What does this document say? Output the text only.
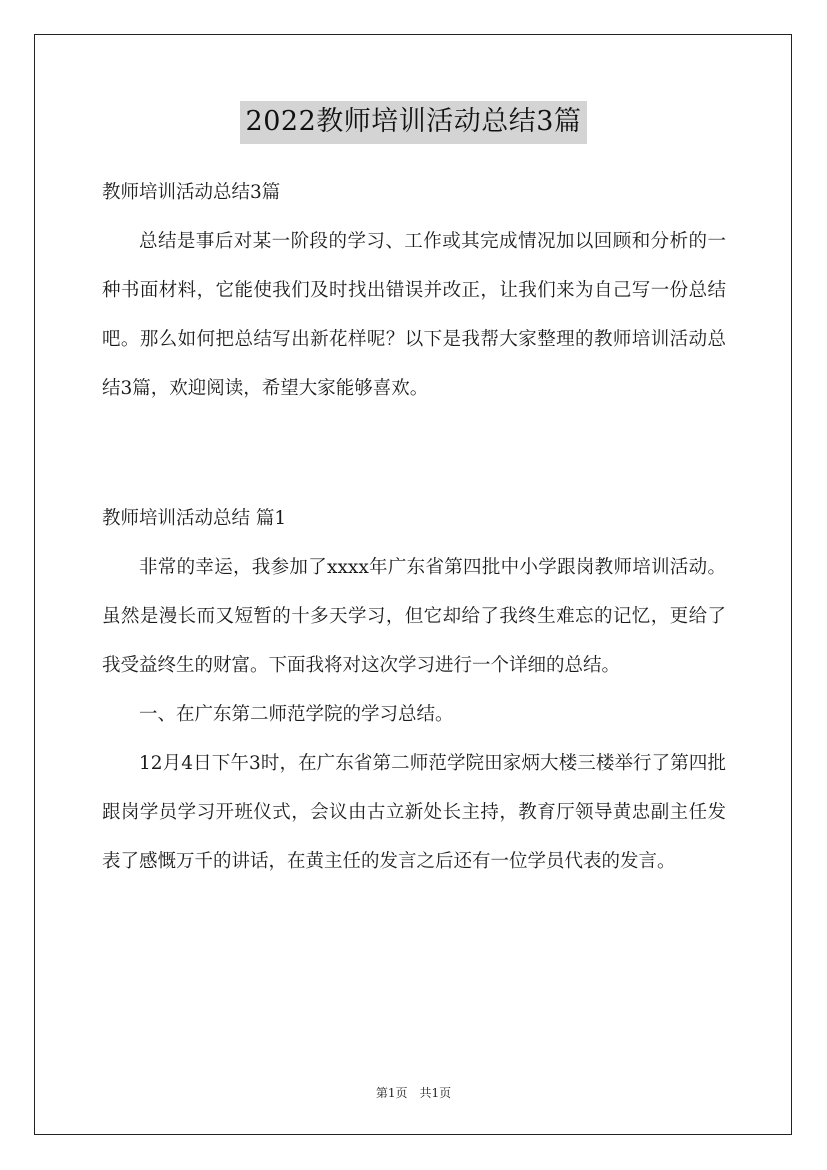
2022教师培训活动总结3篇

教师培训活动总结3篇

总结是事后对某一阶段的学习、工作或其完成情况加以回顾和分析的一种书面材料，它能使我们及时找出错误并改正，让我们来为自己写一份总结吧。那么如何把总结写出新花样呢？以下是我帮大家整理的教师培训活动总结3篇，欢迎阅读，希望大家能够喜欢。

教师培训活动总结 篇1

非常的幸运，我参加了xxxx年广东省第四批中小学跟岗教师培训活动。虽然是漫长而又短暂的十多天学习，但它却给了我终生难忘的记忆，更给了我受益终生的财富。下面我将对这次学习进行一个详细的总结。

一、在广东第二师范学院的学习总结。

12月4日下午3时，在广东省第二师范学院田家炳大楼三楼举行了第四批跟岗学员学习开班仪式，会议由古立新处长主持，教育厅领导黄忠副主任发表了感慨万千的讲话，在黄主任的发言之后还有一位学员代表的发言。

第1页　共1页
